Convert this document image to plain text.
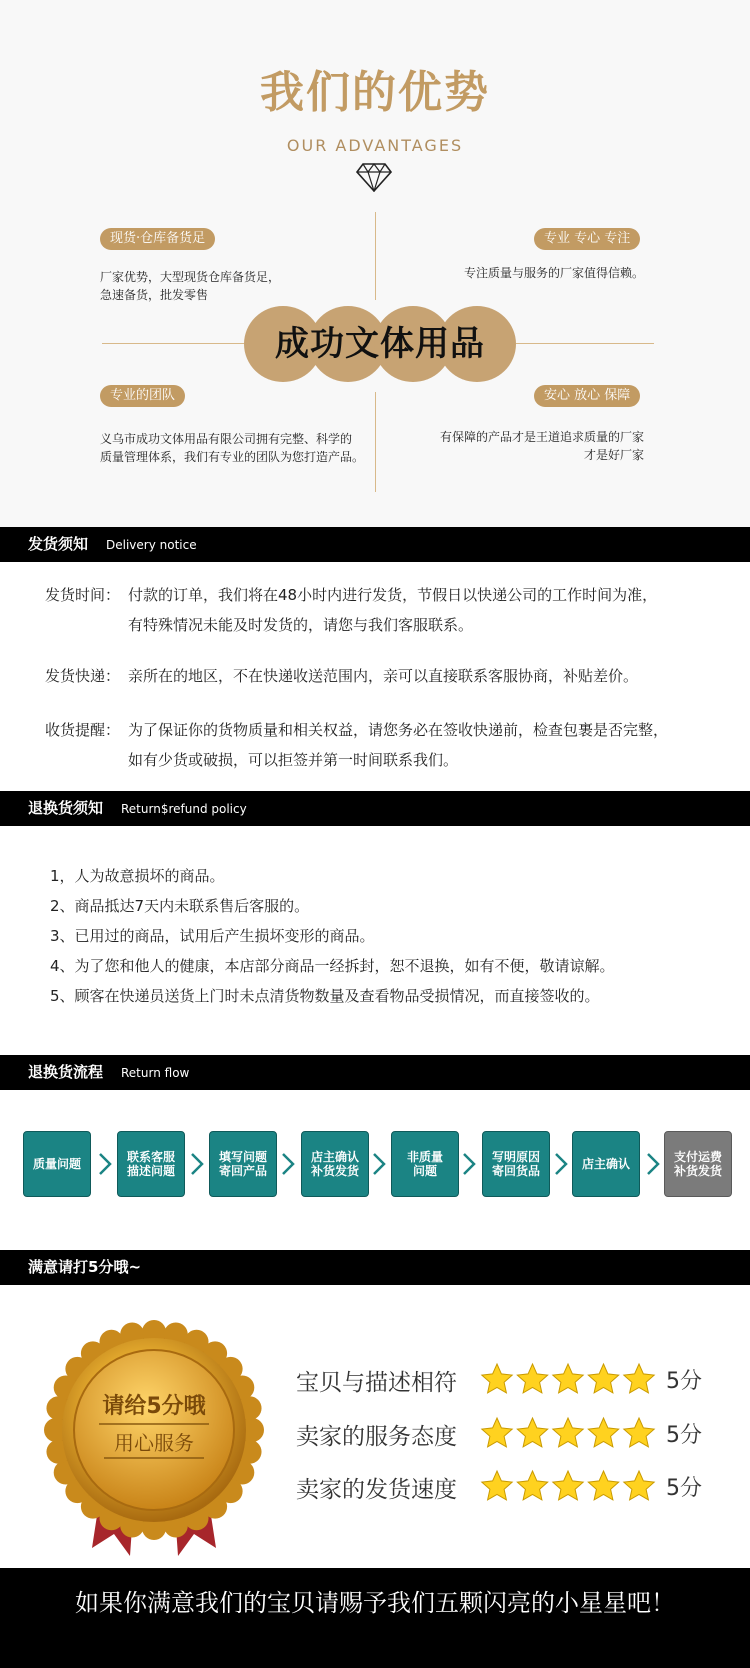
我们的优势
OUR ADVANTAGES
现货·仓库备货足
厂家优势，大型现货仓库备货足，
急速备货，批发零售
专业 专心 专注
专注质量与服务的厂家值得信赖。
专业的团队
义乌市成功文体用品有限公司拥有完整、科学的
质量管理体系，我们有专业的团队为您打造产品。
安心 放心 保障
有保障的产品才是王道追求质量的厂家
才是好厂家
成功文体用品
发货须知 Delivery notice
发货时间： 付款的订单，我们将在48小时内进行发货，节假日以快递公司的工作时间为准，
有特殊情况未能及时发货的，请您与我们客服联系。
发货快递： 亲所在的地区，不在快递收送范围内，亲可以直接联系客服协商，补贴差价。
收货提醒： 为了保证你的货物质量和相关权益，请您务必在签收快递前，检查包裹是否完整，
如有少货或破损，可以拒签并第一时间联系我们。
退换货须知 Return$refund policy
1，人为故意损坏的商品。
2、商品抵达7天内未联系售后客服的。
3、已用过的商品，试用后产生损坏变形的商品。
4、为了您和他人的健康，本店部分商品一经拆封，恕不退换，如有不便，敬请谅解。
5、顾客在快递员送货上门时未点清货物数量及查看物品受损情况，而直接签收的。
退换货流程 Return flow
质量问题	联系客服
描述问题
填写问题
寄回产品
店主确认
补货发货
非质量
问题
写明原因
寄回货品	店主确认	支付运费
补货发货
满意请打5分哦~
请给5分哦
用心服务
宝贝与描述相符	5分
卖家的服务态度	5分
卖家的发货速度	5分
如果你满意我们的宝贝请赐予我们五颗闪亮的小星星吧！
